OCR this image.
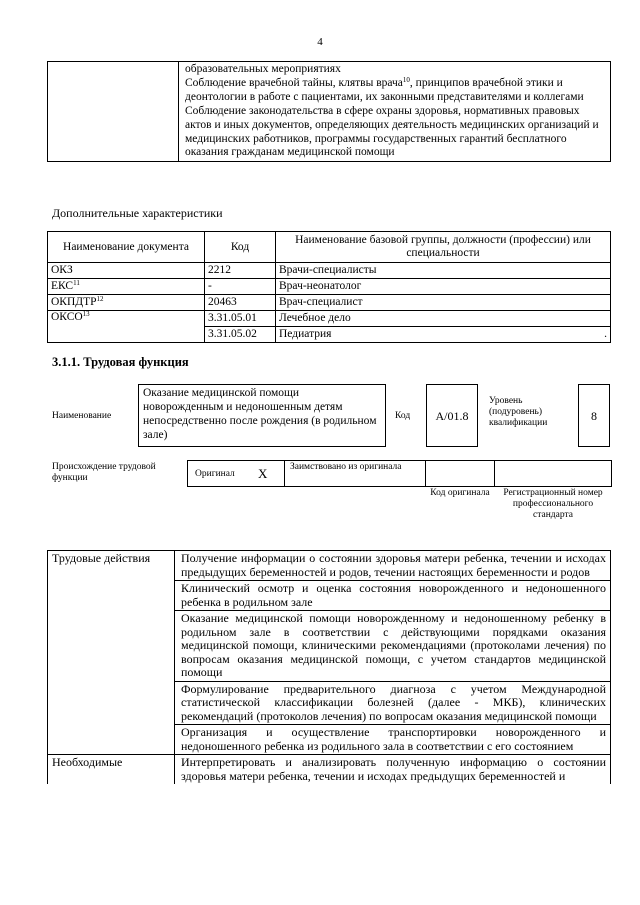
4

образовательных мероприятиях

Соблюдение врачебной тайны, клятвы врача$^{10}$, принципов врачебной этики и деонтологии в работе с пациентами, их законными представителями и коллегами

Соблюдение законодательства в сфере охраны здоровья, нормативных правовых актов и иных документов, определяющих деятельность медицинских организаций и медицинских работников, программы государственных гарантий бесплатного оказания гражданам медицинской помощи

Дополнительные характеристики
Наименование документа	Код	Наименование базовой группы, должности (профессии) или специальности
ОКЗ	2212	Врачи-специалисты
ЕКС$^{11}$	-	Врач-неонатолог
ОКПДТР$^{12}$	20463	Врач-специалист
ОКСО$^{13}$	3.31.05.01	Лечебное дело
	3.31.05.02	Педиатрия .
3.1.1. Трудовая функция
Наименование
Оказание медицинской помощи новорожденным и недоношенным детям непосредственно после рождения (в родильном зале)
Код	A/01.8
Уровень (подуровень) квалификации	8
Происхождение трудовой функции	Оригинал X Заимствовано из оригинала
Код оригинала	Регистрационный номер профессионального стандарта
Трудовые действия	Получение информации о состоянии здоровья матери ребенка, течении и исходах предыдущих беременностей и родов, течении настоящих беременности и родов
Клинический осмотр и оценка состояния новорожденного и недоношенного ребенка в родильном зале
Оказание медицинской помощи новорожденному и недоношенному ребенку в родильном зале в соответствии с действующими порядками оказания медицинской помощи, клиническими рекомендациями (протоколами лечения) по вопросам оказания медицинской помощи, с учетом стандартов медицинской помощи
Формулирование предварительного диагноза с учетом Международной статистической классификации болезней (далее - МКБ), клинических рекомендаций (протоколов лечения) по вопросам оказания медицинской помощи
Организация и осуществление транспортировки новорожденного и недоношенного ребенка из родильного зала в соответствии с его состоянием

Необходимые	Интерпретировать и анализировать полученную информацию о состоянии здоровья матери ребенка, течении и исходах предыдущих беременностей и
